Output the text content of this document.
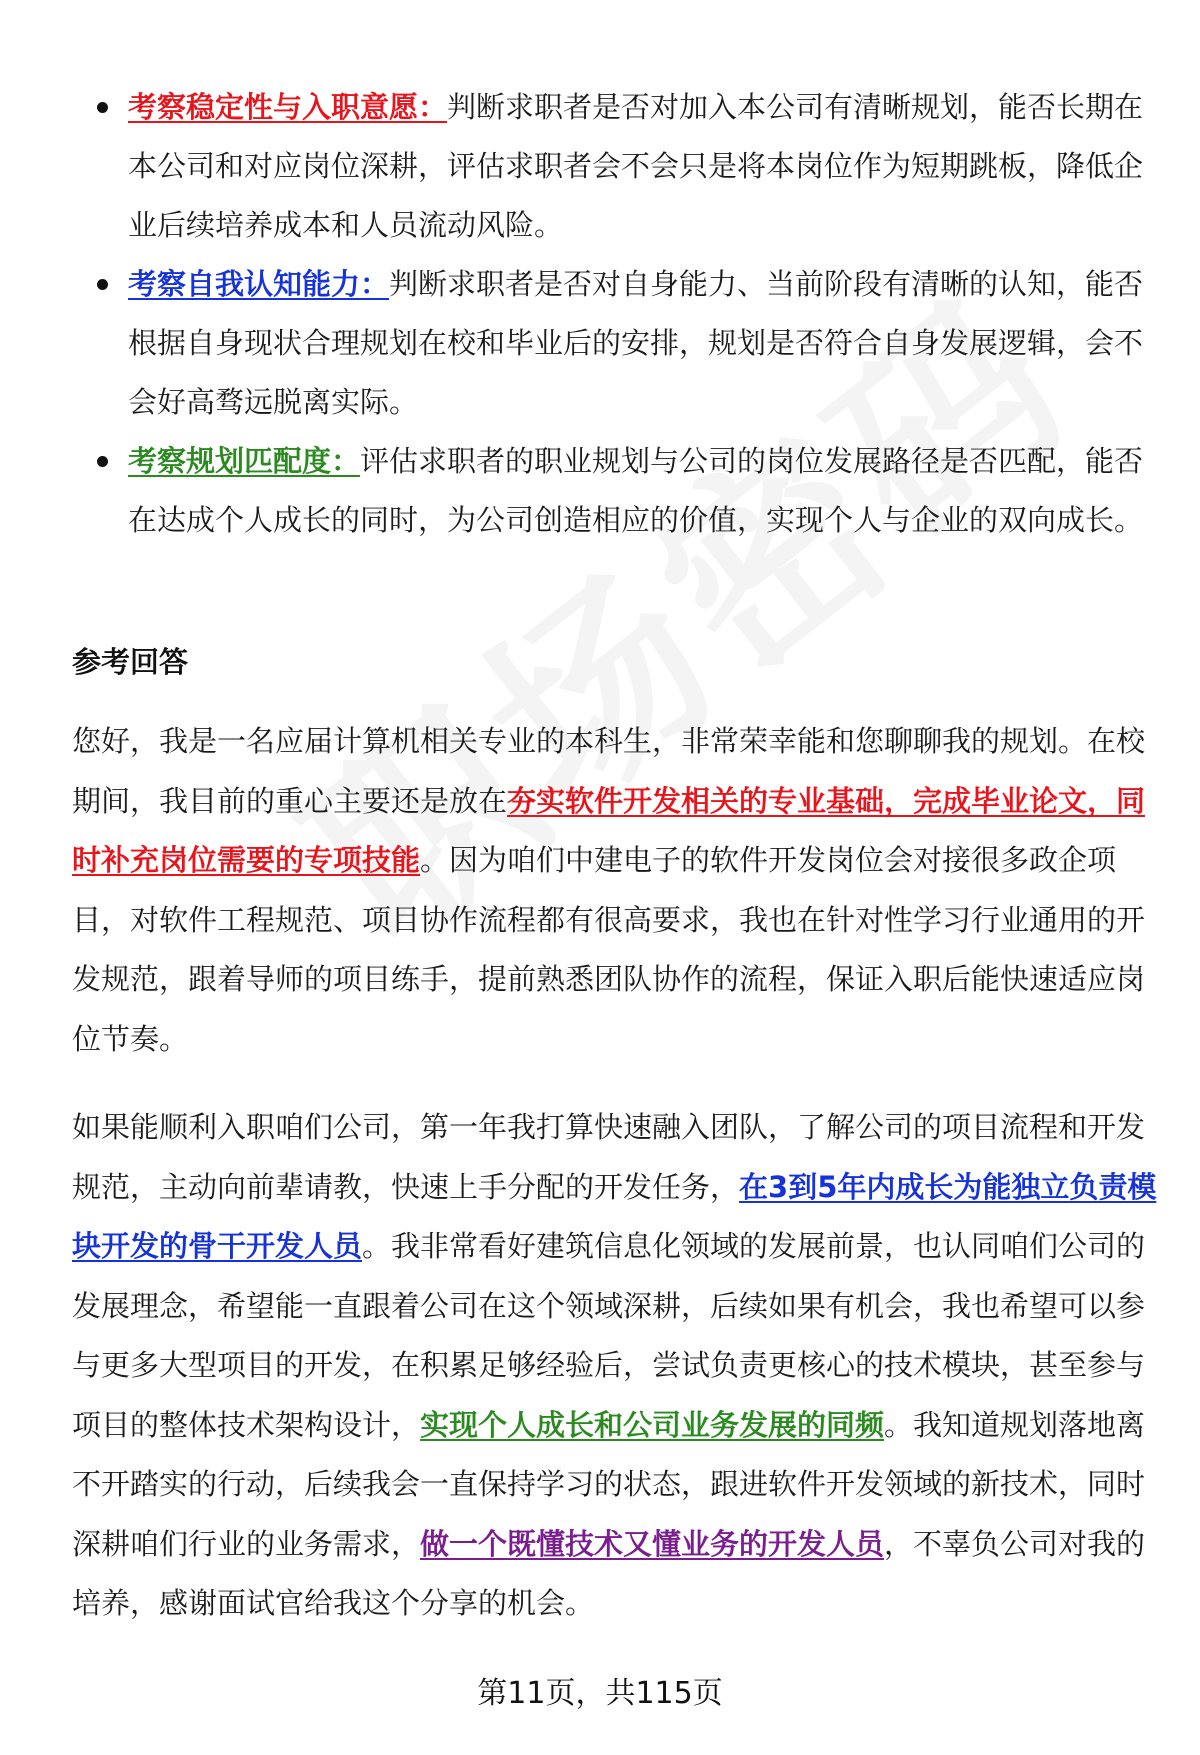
考察稳定性与入职意愿：判断求职者是否对加入本公司有清晰规划，能否长期在本公司和对应岗位深耕，评估求职者会不会只是将本岗位作为短期跳板，降低企业后续培养成本和人员流动风险。
考察自我认知能力：判断求职者是否对自身能力、当前阶段有清晰的认知，能否根据自身现状合理规划在校和毕业后的安排，规划是否符合自身发展逻辑，会不会好高骛远脱离实际。
考察规划匹配度：评估求职者的职业规划与公司的岗位发展路径是否匹配，能否在达成个人成长的同时，为公司创造相应的价值，实现个人与企业的双向成长。
参考回答

您好，我是一名应届计算机相关专业的本科生，非常荣幸能和您聊聊我的规划。在校期间，我目前的重心主要还是放在夯实软件开发相关的专业基础，完成毕业论文，同时补充岗位需要的专项技能。因为咱们中建电子的软件开发岗位会对接很多政企项目，对软件工程规范、项目协作流程都有很高要求，我也在针对性学习行业通用的开发规范，跟着导师的项目练手，提前熟悉团队协作的流程，保证入职后能快速适应岗位节奏。

如果能顺利入职咱们公司，第一年我打算快速融入团队，了解公司的项目流程和开发规范，主动向前辈请教，快速上手分配的开发任务，在3到5年内成长为能独立负责模块开发的骨干开发人员。我非常看好建筑信息化领域的发展前景，也认同咱们公司的发展理念，希望能一直跟着公司在这个领域深耕，后续如果有机会，我也希望可以参与更多大型项目的开发，在积累足够经验后，尝试负责更核心的技术模块，甚至参与项目的整体技术架构设计，实现个人成长和公司业务发展的同频。我知道规划落地离不开踏实的行动，后续我会一直保持学习的状态，跟进软件开发领域的新技术，同时深耕咱们行业的业务需求，做一个既懂技术又懂业务的开发人员，不辜负公司对我的培养，感谢面试官给我这个分享的机会。

第11页，共115页
